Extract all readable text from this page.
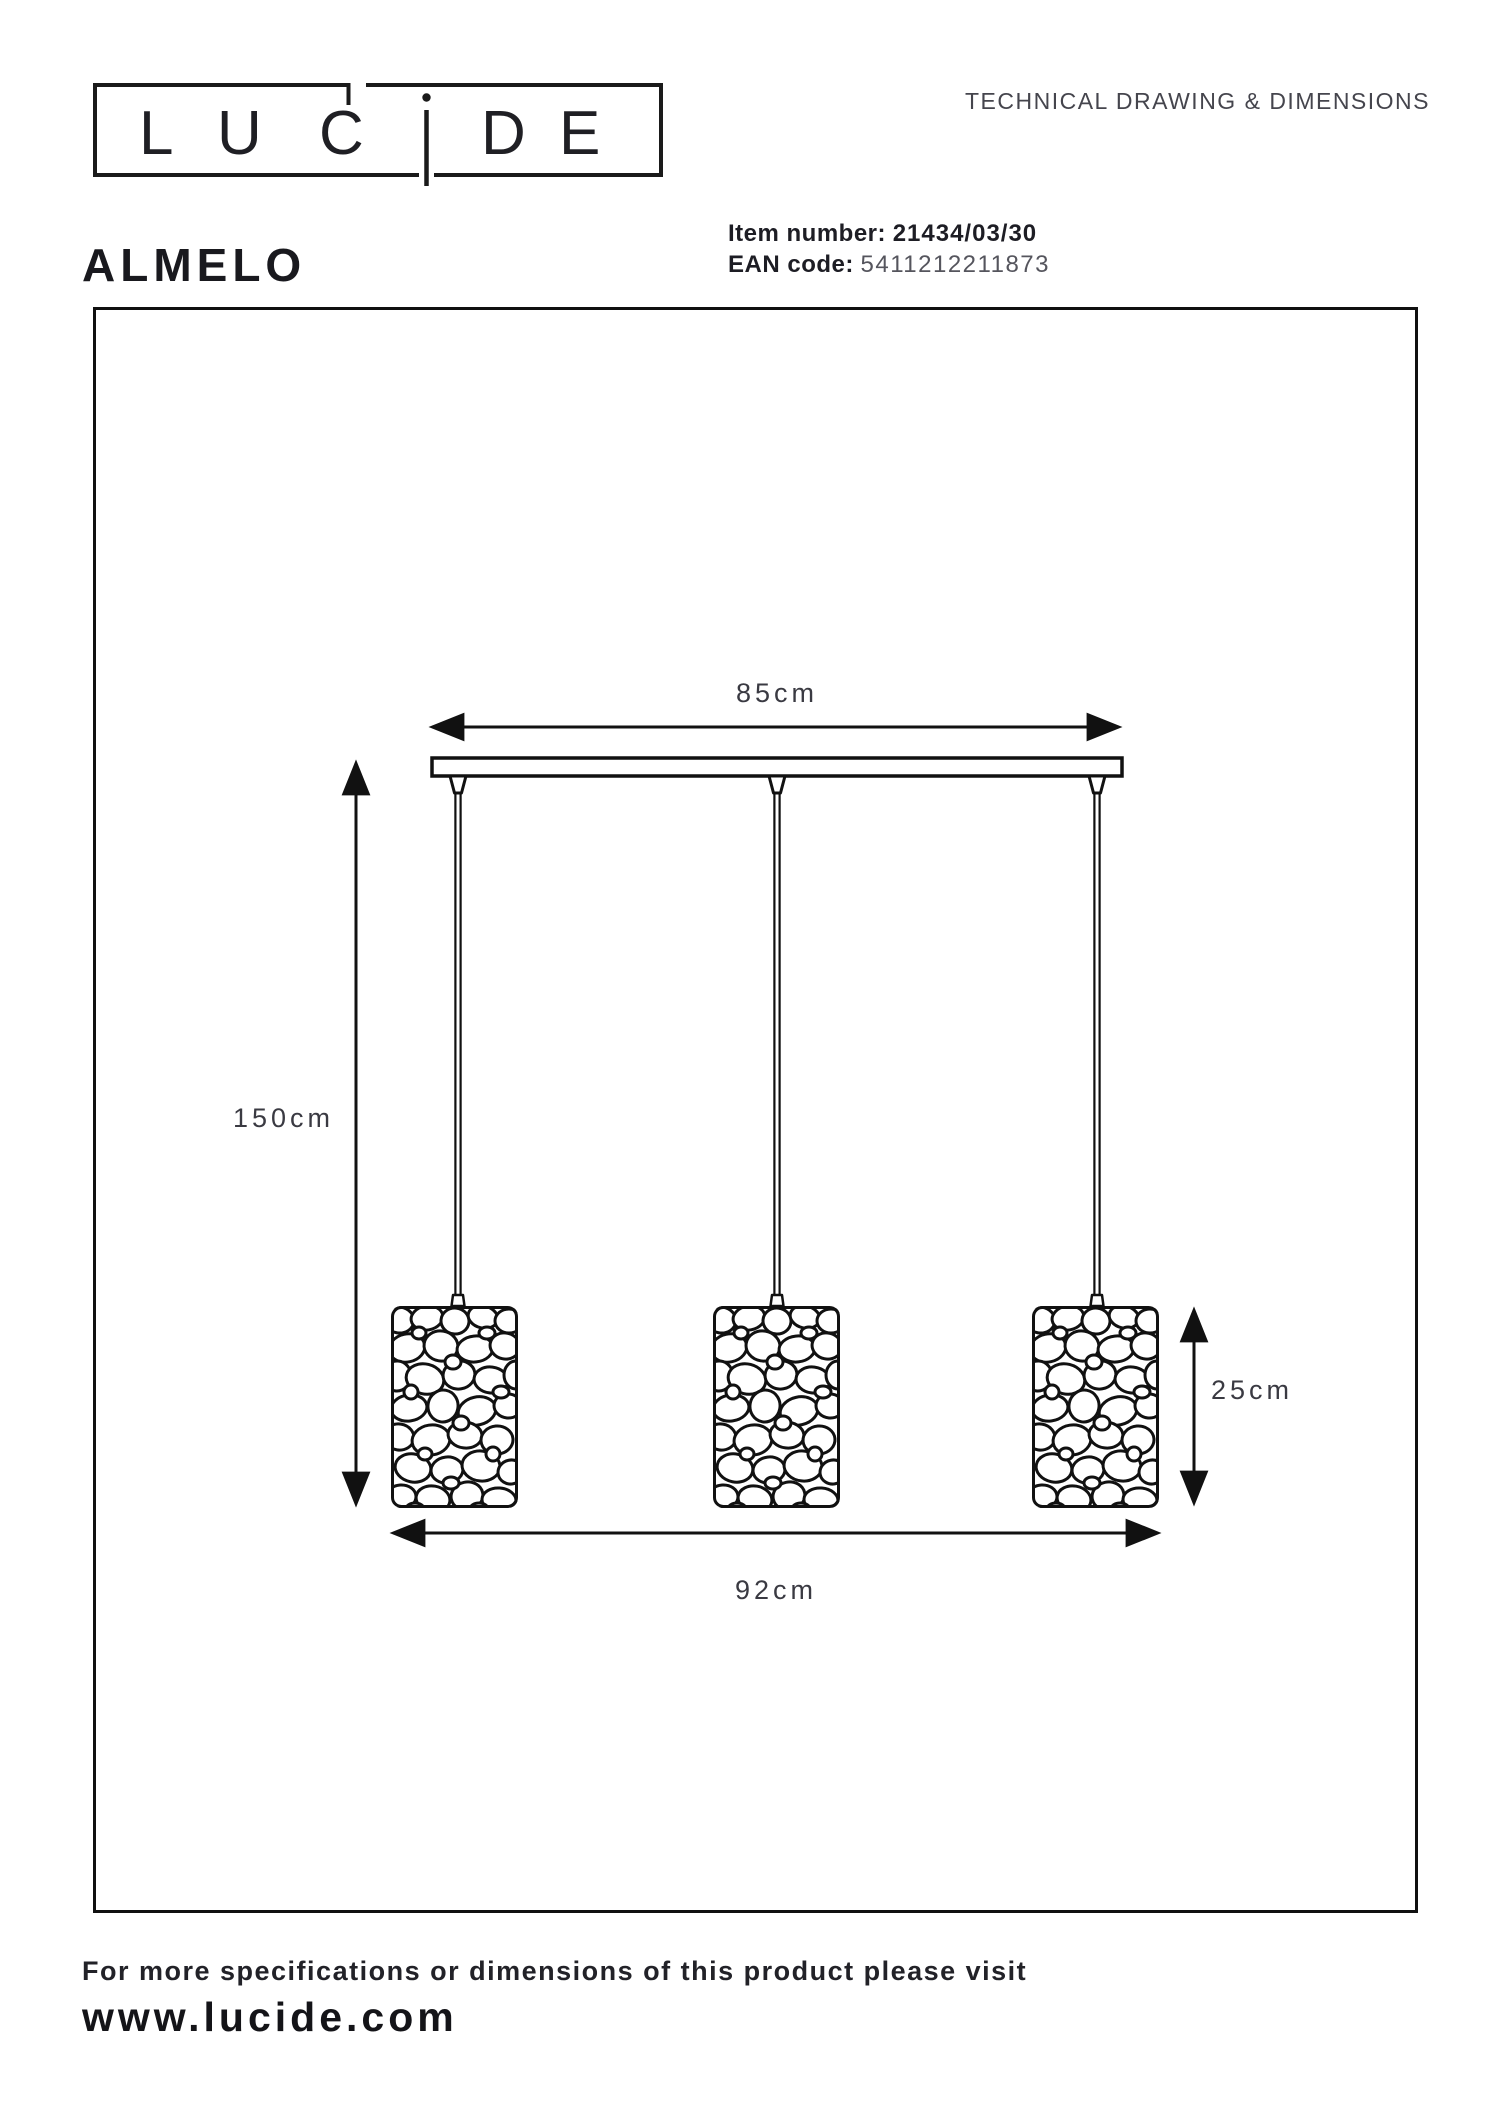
L U C D E	TECHNICAL DRAWING & DIMENSIONS
ALMELO
Item number: 21434/03/30
EAN code: 5411212211873
85cm
150cm
25cm
92cm
For more specifications or dimensions of this product please visit
www.lucide.com
